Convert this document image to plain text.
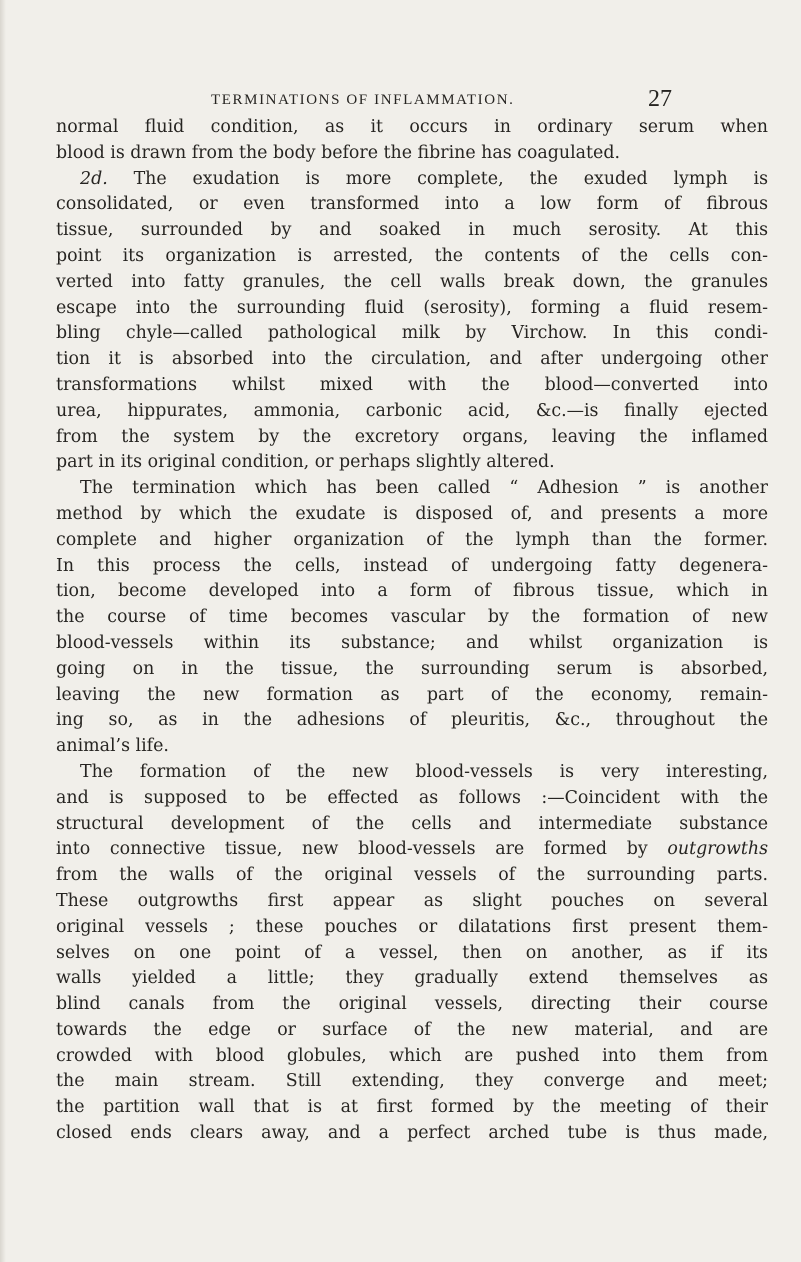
TERMINATIONS OF INFLAMMATION.	27
normal fluid condition, as it occurs in ordinary serum when
blood is drawn from the body before the fibrine has coagulated.
2d. The exudation is more complete, the exuded lymph is
consolidated, or even transformed into a low form of fibrous
tissue, surrounded by and soaked in much serosity. At this
point its organization is arrested, the contents of the cells con-
verted into fatty granules, the cell walls break down, the granules
escape into the surrounding fluid (serosity), forming a fluid resem-
bling chyle—called pathological milk by Virchow. In this condi-
tion it is absorbed into the circulation, and after undergoing other
transformations whilst mixed with the blood—converted into
urea, hippurates, ammonia, carbonic acid, &c.—is finally ejected
from the system by the excretory organs, leaving the inflamed
part in its original condition, or perhaps slightly altered.
The termination which has been called “ Adhesion ” is another
method by which the exudate is disposed of, and presents a more
complete and higher organization of the lymph than the former.
In this process the cells, instead of undergoing fatty degenera-
tion, become developed into a form of fibrous tissue, which in
the course of time becomes vascular by the formation of new
blood-vessels within its substance; and whilst organization is
going on in the tissue, the surrounding serum is absorbed,
leaving the new formation as part of the economy, remain-
ing so, as in the adhesions of pleuritis, &c., throughout the
animal’s life.
The formation of the new blood-vessels is very interesting,
and is supposed to be effected as follows :—Coincident with the
structural development of the cells and intermediate substance
into connective tissue, new blood-vessels are formed by outgrowths
from the walls of the original vessels of the surrounding parts.
These outgrowths first appear as slight pouches on several
original vessels ; these pouches or dilatations first present them-
selves on one point of a vessel, then on another, as if its
walls yielded a little; they gradually extend themselves as
blind canals from the original vessels, directing their course
towards the edge or surface of the new material, and are
crowded with blood globules, which are pushed into them from
the main stream. Still extending, they converge and meet;
the partition wall that is at first formed by the meeting of their
closed ends clears away, and a perfect arched tube is thus made,
